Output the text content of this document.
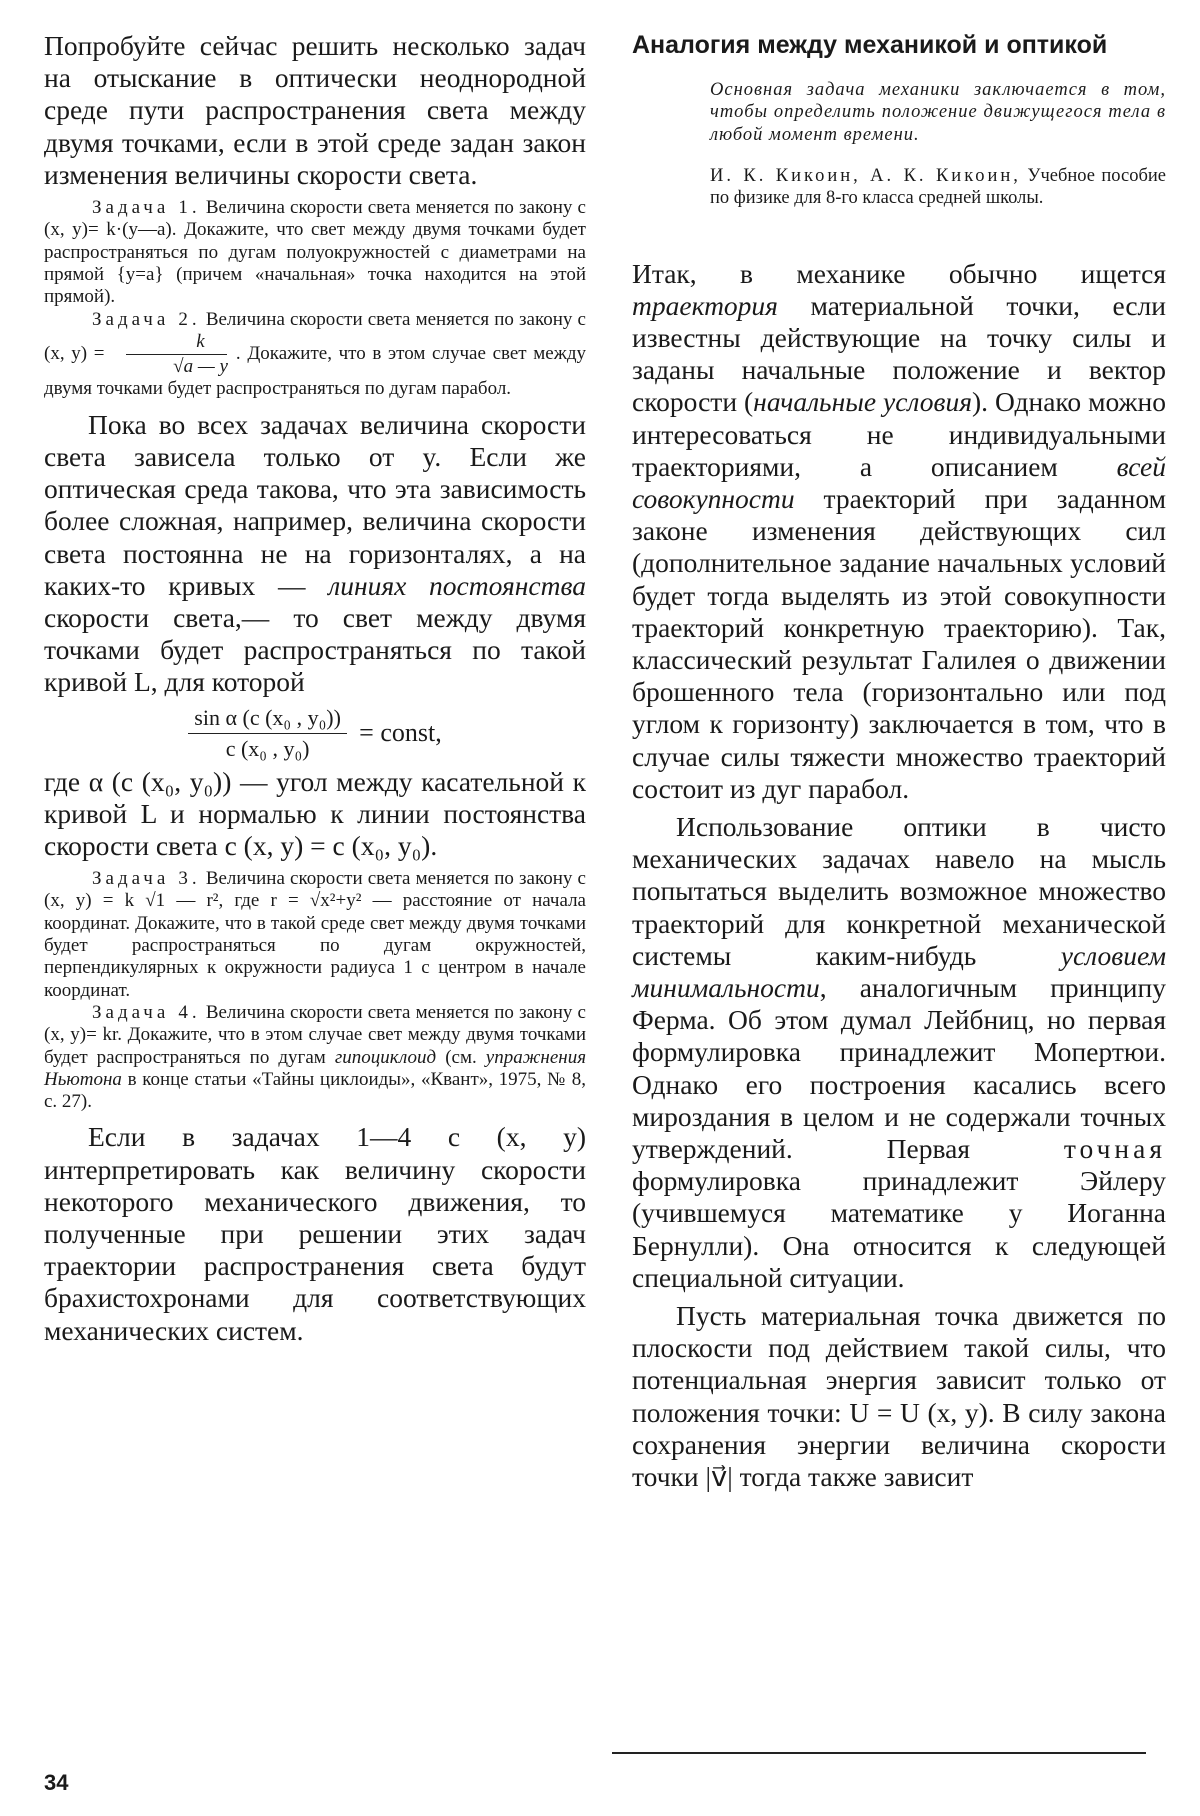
Попробуйте сейчас решить несколько задач на отыскание в оптически неоднородной среде пути распространения света между двумя точками, если в этой среде задан закон изменения величины скорости света.

Задача 1. Величина скорости света меняется по закону c (x, y)= k·(y—a). Докажите, что свет между двумя точками будет распространяться по дугам полуокружностей с диаметрами на прямой {y=a} (причем «начальная» точка находится на этой прямой).

Задача 2. Величина скорости света меняется по закону c (x, $y) = \frac{k}{√a — y}$ . Докажите, что в этом случае свет между двумя точками будет распространяться по дугам парабол.

Пока во всех задачах величина скорости света зависела только от y. Если же оптическая среда такова, что эта зависимость более сложная, например, величина скорости света постоянна не на горизонталях, а на каких-то кривых — линиях постоянства скорости света,— то свет между двумя точками будет распространяться по такой кривой L, для которой

$\frac{\text{sin α (c (x₀ , y₀))}}{\text{c (x₀ , y₀)}}$ = const,

где α (c (x₀, y₀)) — угол между касательной к кривой L и нормалью к линии постоянства скорости света c (x, y) = c (x₀, y₀).

Задача 3. Величина скорости света меняется по закону c (x, y) = k √1 — r², где r = √x²+y² — расстояние от начала координат. Докажите, что в такой среде свет между двумя точками будет распространяться по дугам окружностей, перпендикулярных к окружности радиуса 1 с центром в начале координат.

Задача 4. Величина скорости света меняется по закону c (x, y)= kr. Докажите, что в этом случае свет между двумя точками будет распространяться по дугам гипоциклоид (см. упражнения Ньютона в конце статьи «Тайны циклоиды», «Квант», 1975, № 8, с. 27).

Если в задачах 1—4 c (x, y) интерпретировать как величину скорости некоторого механического движения, то полученные при решении этих задач траектории распространения света будут брахистохронами для соответствующих механических систем.

Аналогия между механикой и оптикой

Основная задача механики заключается в том, чтобы определить положение движущегося тела в любой момент времени.

И. К. Кикоин, А. К. Кикоин, Учебное пособие по физике для 8-го класса средней школы.

Итак, в механике обычно ищется траектория материальной точки, если известны действующие на точку силы и заданы начальные положение и вектор скорости (начальные условия). Однако можно интересоваться не индивидуальными траекториями, а описанием всей совокупности траекторий при заданном законе изменения действующих сил (дополнительное задание начальных условий будет тогда выделять из этой совокупности траекторий конкретную траекторию). Так, классический результат Галилея о движении брошенного тела (горизонтально или под углом к горизонту) заключается в том, что в случае силы тяжести множество траекторий состоит из дуг парабол.

Использование оптики в чисто механических задачах навело на мысль попытаться выделить возможное множество траекторий для конкретной механической системы каким-нибудь	условием минимальности, аналогичным принципу Ферма. Об этом думал Лейбниц, но первая формулировка принадлежит Мопертюи. Однако его построения касались всего мироздания в целом и не содержали точных утверждений. Первая	точная формулировка принадлежит Эйлеру (учившемуся математике у Иоганна Бернулли). Она относится к следующей специальной ситуации.

Пусть материальная точка движется по плоскости под действием такой силы, что потенциальная энергия зависит только от положения точки: U = U (x, y). В силу закона сохранения энергии величина скорости точки |v⃗| тогда также зависит

34
